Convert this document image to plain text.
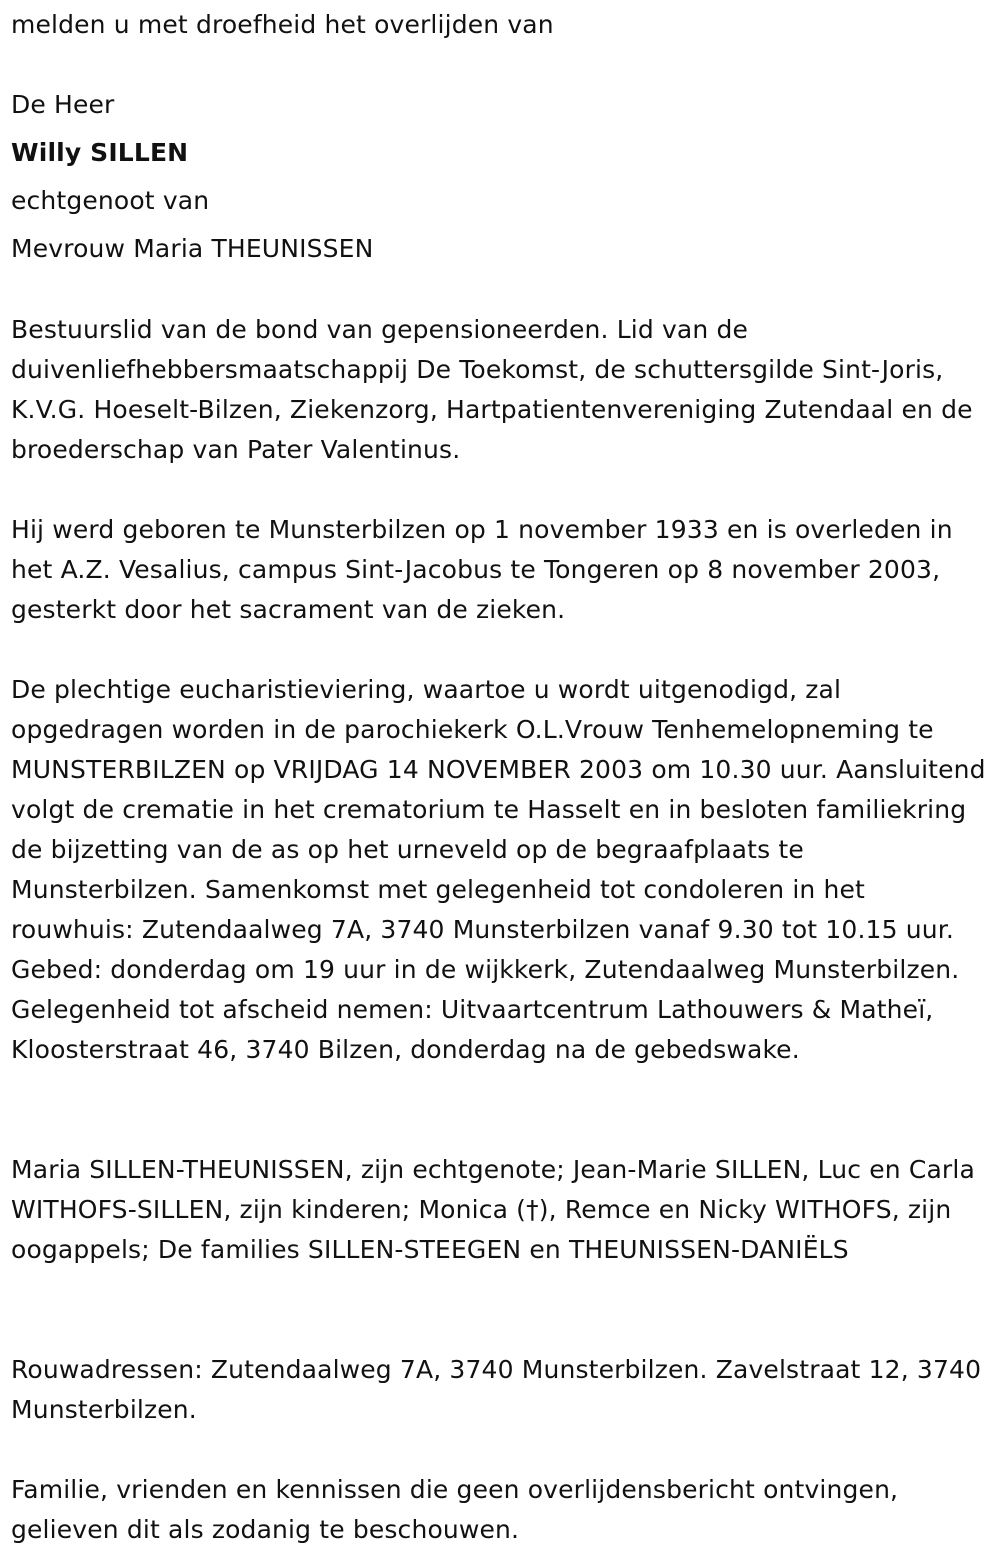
melden u met droefheid het overlijden van
De Heer
Willy SILLEN
echtgenoot van
Mevrouw Maria THEUNISSEN
Bestuurslid van de bond van gepensioneerden. Lid van de duivenliefhebbersmaatschappij De Toekomst, de schuttersgilde Sint-Joris, K.V.G. Hoeselt-Bilzen, Ziekenzorg, Hartpatientenvereniging Zutendaal en de broederschap van Pater Valentinus.
Hij werd geboren te Munsterbilzen op 1 november 1933 en is overleden in het A.Z. Vesalius, campus Sint-Jacobus te Tongeren op 8 november 2003, gesterkt door het sacrament van de zieken.
De plechtige eucharistieviering, waartoe u wordt uitgenodigd, zal opgedragen worden in de parochiekerk O.L.Vrouw Tenhemelopneming te MUNSTERBILZEN op VRIJDAG 14 NOVEMBER 2003 om 10.30 uur. Aansluitend volgt de crematie in het crematorium te Hasselt en in besloten familiekring de bijzetting van de as op het urneveld op de begraafplaats te Munsterbilzen. Samenkomst met gelegenheid tot condoleren in het rouwhuis: Zutendaalweg 7A, 3740 Munsterbilzen vanaf 9.30 tot 10.15 uur. Gebed: donderdag om 19 uur in de wijkkerk, Zutendaalweg Munsterbilzen. Gelegenheid tot afscheid nemen: Uitvaartcentrum Lathouwers & Matheï, Kloosterstraat 46, 3740 Bilzen, donderdag na de gebedswake.
Maria SILLEN-THEUNISSEN, zijn echtgenote; Jean-Marie SILLEN, Luc en Carla WITHOFS-SILLEN, zijn kinderen; Monica (†), Remce en Nicky WITHOFS, zijn oogappels; De families SILLEN-STEEGEN en THEUNISSEN-DANIËLS
Rouwadressen: Zutendaalweg 7A, 3740 Munsterbilzen. Zavelstraat 12, 3740 Munsterbilzen.
Familie, vrienden en kennissen die geen overlijdensbericht ontvingen, gelieven dit als zodanig te beschouwen.
